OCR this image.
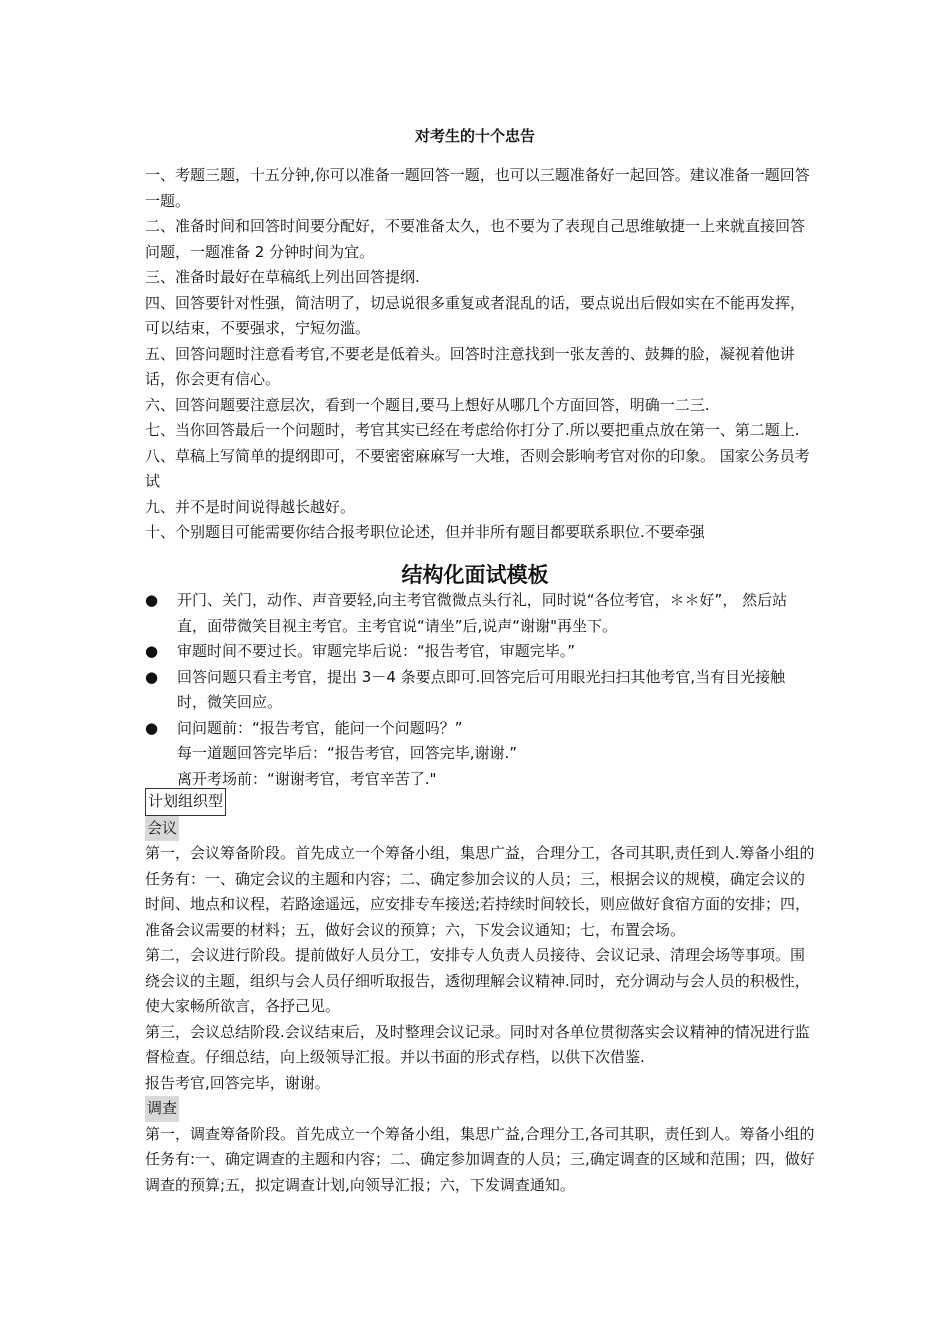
对考生的十个忠告

一、考题三题，十五分钟,你可以准备一题回答一题，也可以三题准备好一起回答。建议准备一题回答一题。

二、准备时间和回答时间要分配好，不要准备太久，也不要为了表现自己思维敏捷一上来就直接回答问题，一题准备 2 分钟时间为宜。

三、准备时最好在草稿纸上列出回答提纲.

四、回答要针对性强，简洁明了，切忌说很多重复或者混乱的话，要点说出后假如实在不能再发挥，可以结束，不要强求，宁短勿滥。

五、回答问题时注意看考官,不要老是低着头。回答时注意找到一张友善的、鼓舞的脸，凝视着他讲话，你会更有信心。

六、回答问题要注意层次，看到一个题目,要马上想好从哪几个方面回答，明确一二三.

七、当你回答最后一个问题时，考官其实已经在考虑给你打分了.所以要把重点放在第一、第二题上.

八、草稿上写简单的提纲即可，不要密密麻麻写一大堆，否则会影响考官对你的印象。 国家公务员考试

九、并不是时间说得越长越好。

十、个别题目可能需要你结合报考职位论述，但并非所有题目都要联系职位.不要牵强

结构化面试模板
● 开门、关门，动作、声音要轻,向主考官微微点头行礼，同时说“各位考官，＊＊好”， 然后站直，面带微笑目视主考官。主考官说“请坐”后,说声“谢谢"再坐下。
● 审题时间不要过长。审题完毕后说：“报告考官，审题完毕。”
● 回答问题只看主考官，提出 3－4 条要点即可.回答完后可用眼光扫扫其他考官,当有目光接触时，微笑回应。
● 问问题前：“报告考官，能问一个问题吗？”
每一道题回答完毕后：“报告考官，回答完毕,谢谢.”
离开考场前：“谢谢考官，考官辛苦了."
计划组织型
会议

第一，会议筹备阶段。首先成立一个筹备小组，集思广益，合理分工，各司其职,责任到人.筹备小组的任务有：一、确定会议的主题和内容；二、确定参加会议的人员；三，根据会议的规模，确定会议的时间、地点和议程，若路途遥远，应安排专车接送;若持续时间较长，则应做好食宿方面的安排；四，准备会议需要的材料；五，做好会议的预算；六，下发会议通知；七，布置会场。

第二，会议进行阶段。提前做好人员分工，安排专人负责人员接待、会议记录、清理会场等事项。围绕会议的主题，组织与会人员仔细听取报告，透彻理解会议精神.同时，充分调动与会人员的积极性，使大家畅所欲言，各抒己见。

第三，会议总结阶段.会议结束后，及时整理会议记录。同时对各单位贯彻落实会议精神的情况进行监督检查。仔细总结，向上级领导汇报。并以书面的形式存档，以供下次借鉴.

报告考官,回答完毕，谢谢。

调查

第一，调查筹备阶段。首先成立一个筹备小组，集思广益,合理分工,各司其职，责任到人。筹备小组的任务有:一、确定调查的主题和内容；二、确定参加调查的人员；三,确定调查的区域和范围；四，做好调查的预算;五，拟定调查计划,向领导汇报；六，下发调查通知。
